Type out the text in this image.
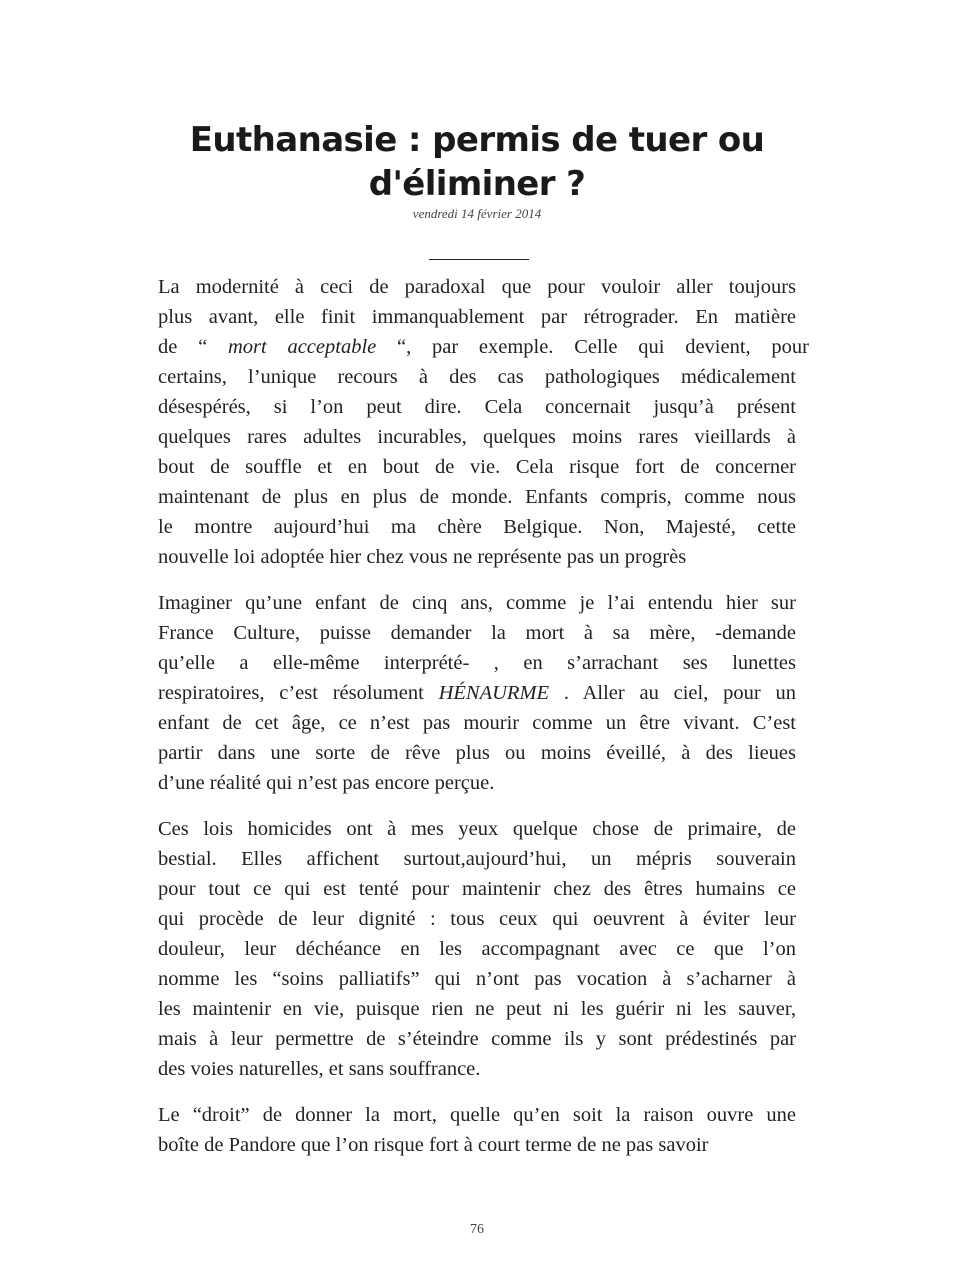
Euthanasie : permis de tuer ou d'éliminer ?
vendredi 14 février 2014

La modernité à ceci de paradoxal que pour vouloir aller toujours
plus avant, elle finit immanquablement par rétrograder. En matière
de “ mort acceptable “, par exemple. Celle qui devient, pour
certains, l’unique recours à des cas pathologiques médicalement
désespérés, si l’on peut dire. Cela concernait jusqu’à présent
quelques rares adultes incurables, quelques moins rares vieillards à
bout de souffle et en bout de vie. Cela risque fort de concerner
maintenant de plus en plus de monde. Enfants compris, comme nous
le montre aujourd’hui ma chère Belgique. Non, Majesté, cette
nouvelle loi adoptée hier chez vous ne représente pas un progrès

Imaginer qu’une enfant de cinq ans, comme je l’ai entendu hier sur
France Culture, puisse demander la mort à sa mère, -demande
qu’elle a elle-même interprété- , en s’arrachant ses lunettes
respiratoires, c’est résolument HÉNAURME . Aller au ciel, pour un
enfant de cet âge, ce n’est pas mourir comme un être vivant. C’est
partir dans une sorte de rêve plus ou moins éveillé, à des lieues
d’une réalité qui n’est pas encore perçue.

Ces lois homicides ont à mes yeux quelque chose de primaire, de
bestial. Elles affichent surtout,aujourd’hui, un mépris souverain
pour tout ce qui est tenté pour maintenir chez des êtres humains ce
qui procède de leur dignité : tous ceux qui oeuvrent à éviter leur
douleur, leur déchéance en les accompagnant avec ce que l’on
nomme les “soins palliatifs” qui n’ont pas vocation à s’acharner à
les maintenir en vie, puisque rien ne peut ni les guérir ni les sauver,
mais à leur permettre de s’éteindre comme ils y sont prédestinés par
des voies naturelles, et sans souffrance.

Le “droit” de donner la mort, quelle qu’en soit la raison ouvre une
boîte de Pandore que l’on risque fort à court terme de ne pas savoir

76
